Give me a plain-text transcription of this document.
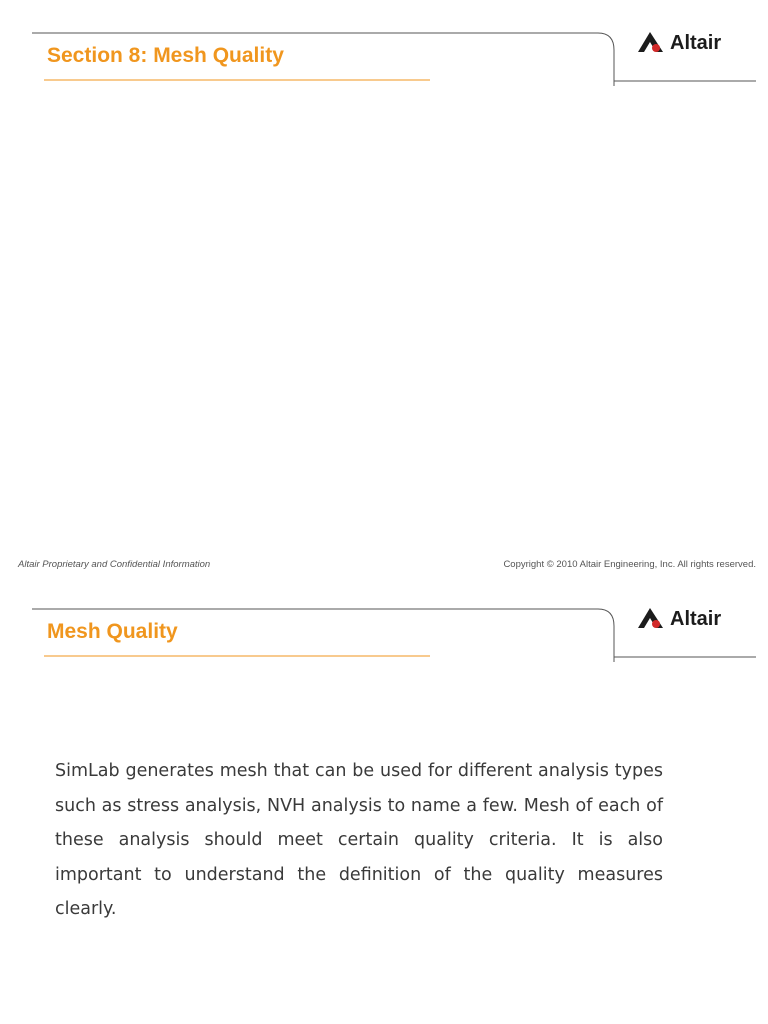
Section 8: Mesh Quality
Altair
Altair Proprietary and Confidential Information	Copyright © 2010 Altair Engineering, Inc. All rights reserved.
Mesh Quality
Altair

SimLab generates mesh that can be used for different analysis types such as stress analysis, NVH analysis to name a few. Mesh of each of these analysis should meet certain quality criteria. It is also important to understand the definition of the quality measures clearly.
